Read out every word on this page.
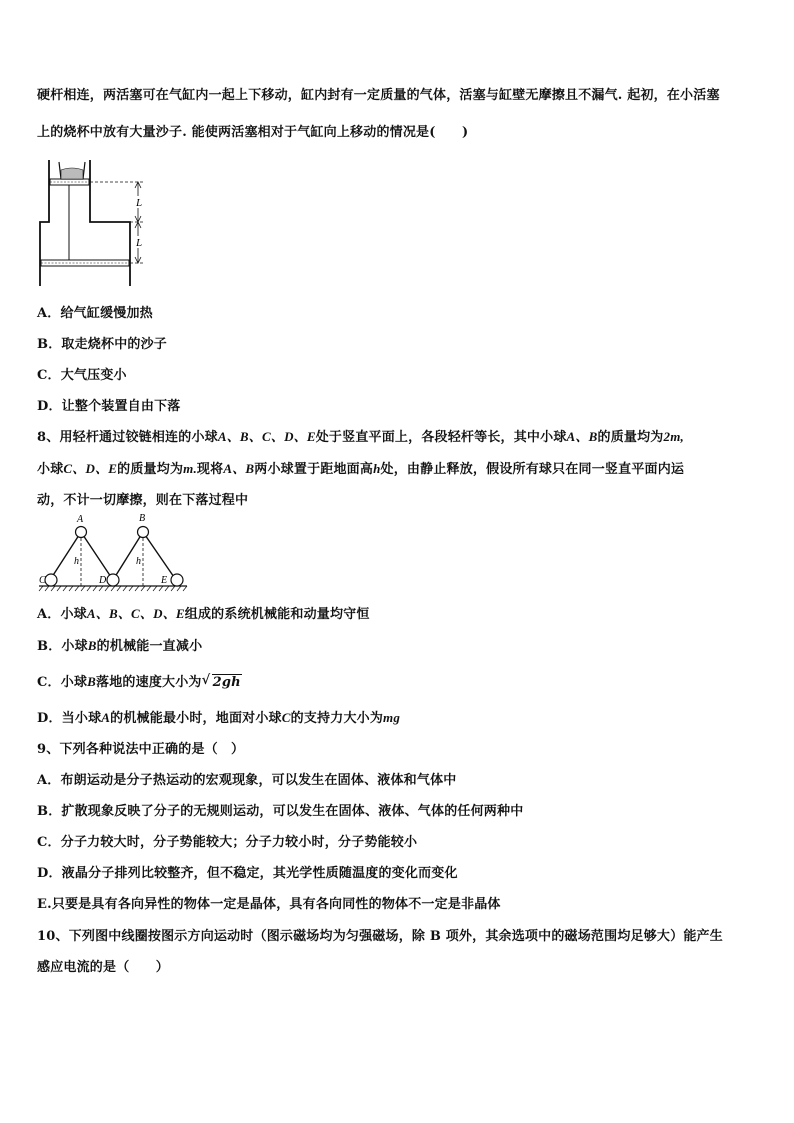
硬杆相连，两活塞可在气缸内一起上下移动，缸内封有一定质量的气体，活塞与缸壁无摩擦且不漏气. 起初，在小活塞
上的烧杯中放有大量沙子. 能使两活塞相对于气缸向上移动的情况是(　　)
L
L
A．给气缸缓慢加热
B．取走烧杯中的沙子
C．大气压变小
D．让整个装置自由下落
8、用轻杆通过铰链相连的小球A、B、C、D、E处于竖直平面上，各段轻杆等长，其中小球A、B的质量均为2m,
小球C、D、E的质量均为m.现将A、B两小球置于距地面高h处，由静止释放，假设所有球只在同一竖直平面内运
动，不计一切摩擦，则在下落过程中
A	B
C	D	E
h	h
A．小球A、B、C、D、E组成的系统机械能和动量均守恒
B．小球B的机械能一直减小
C．小球B落地的速度大小为 √ 2gh
D．当小球A的机械能最小时，地面对小球C的支持力大小为mg
9、下列各种说法中正确的是（　）
A．布朗运动是分子热运动的宏观现象，可以发生在固体、液体和气体中
B．扩散现象反映了分子的无规则运动，可以发生在固体、液体、气体的任何两种中
C．分子力较大时，分子势能较大；分子力较小时，分子势能较小
D．液晶分子排列比较整齐，但不稳定，其光学性质随温度的变化而变化
E.只要是具有各向异性的物体一定是晶体，具有各向同性的物体不一定是非晶体
10、下列图中线圈按图示方向运动时（图示磁场均为匀强磁场，除 B 项外，其余选项中的磁场范围均足够大）能产生
感应电流的是（　　）
